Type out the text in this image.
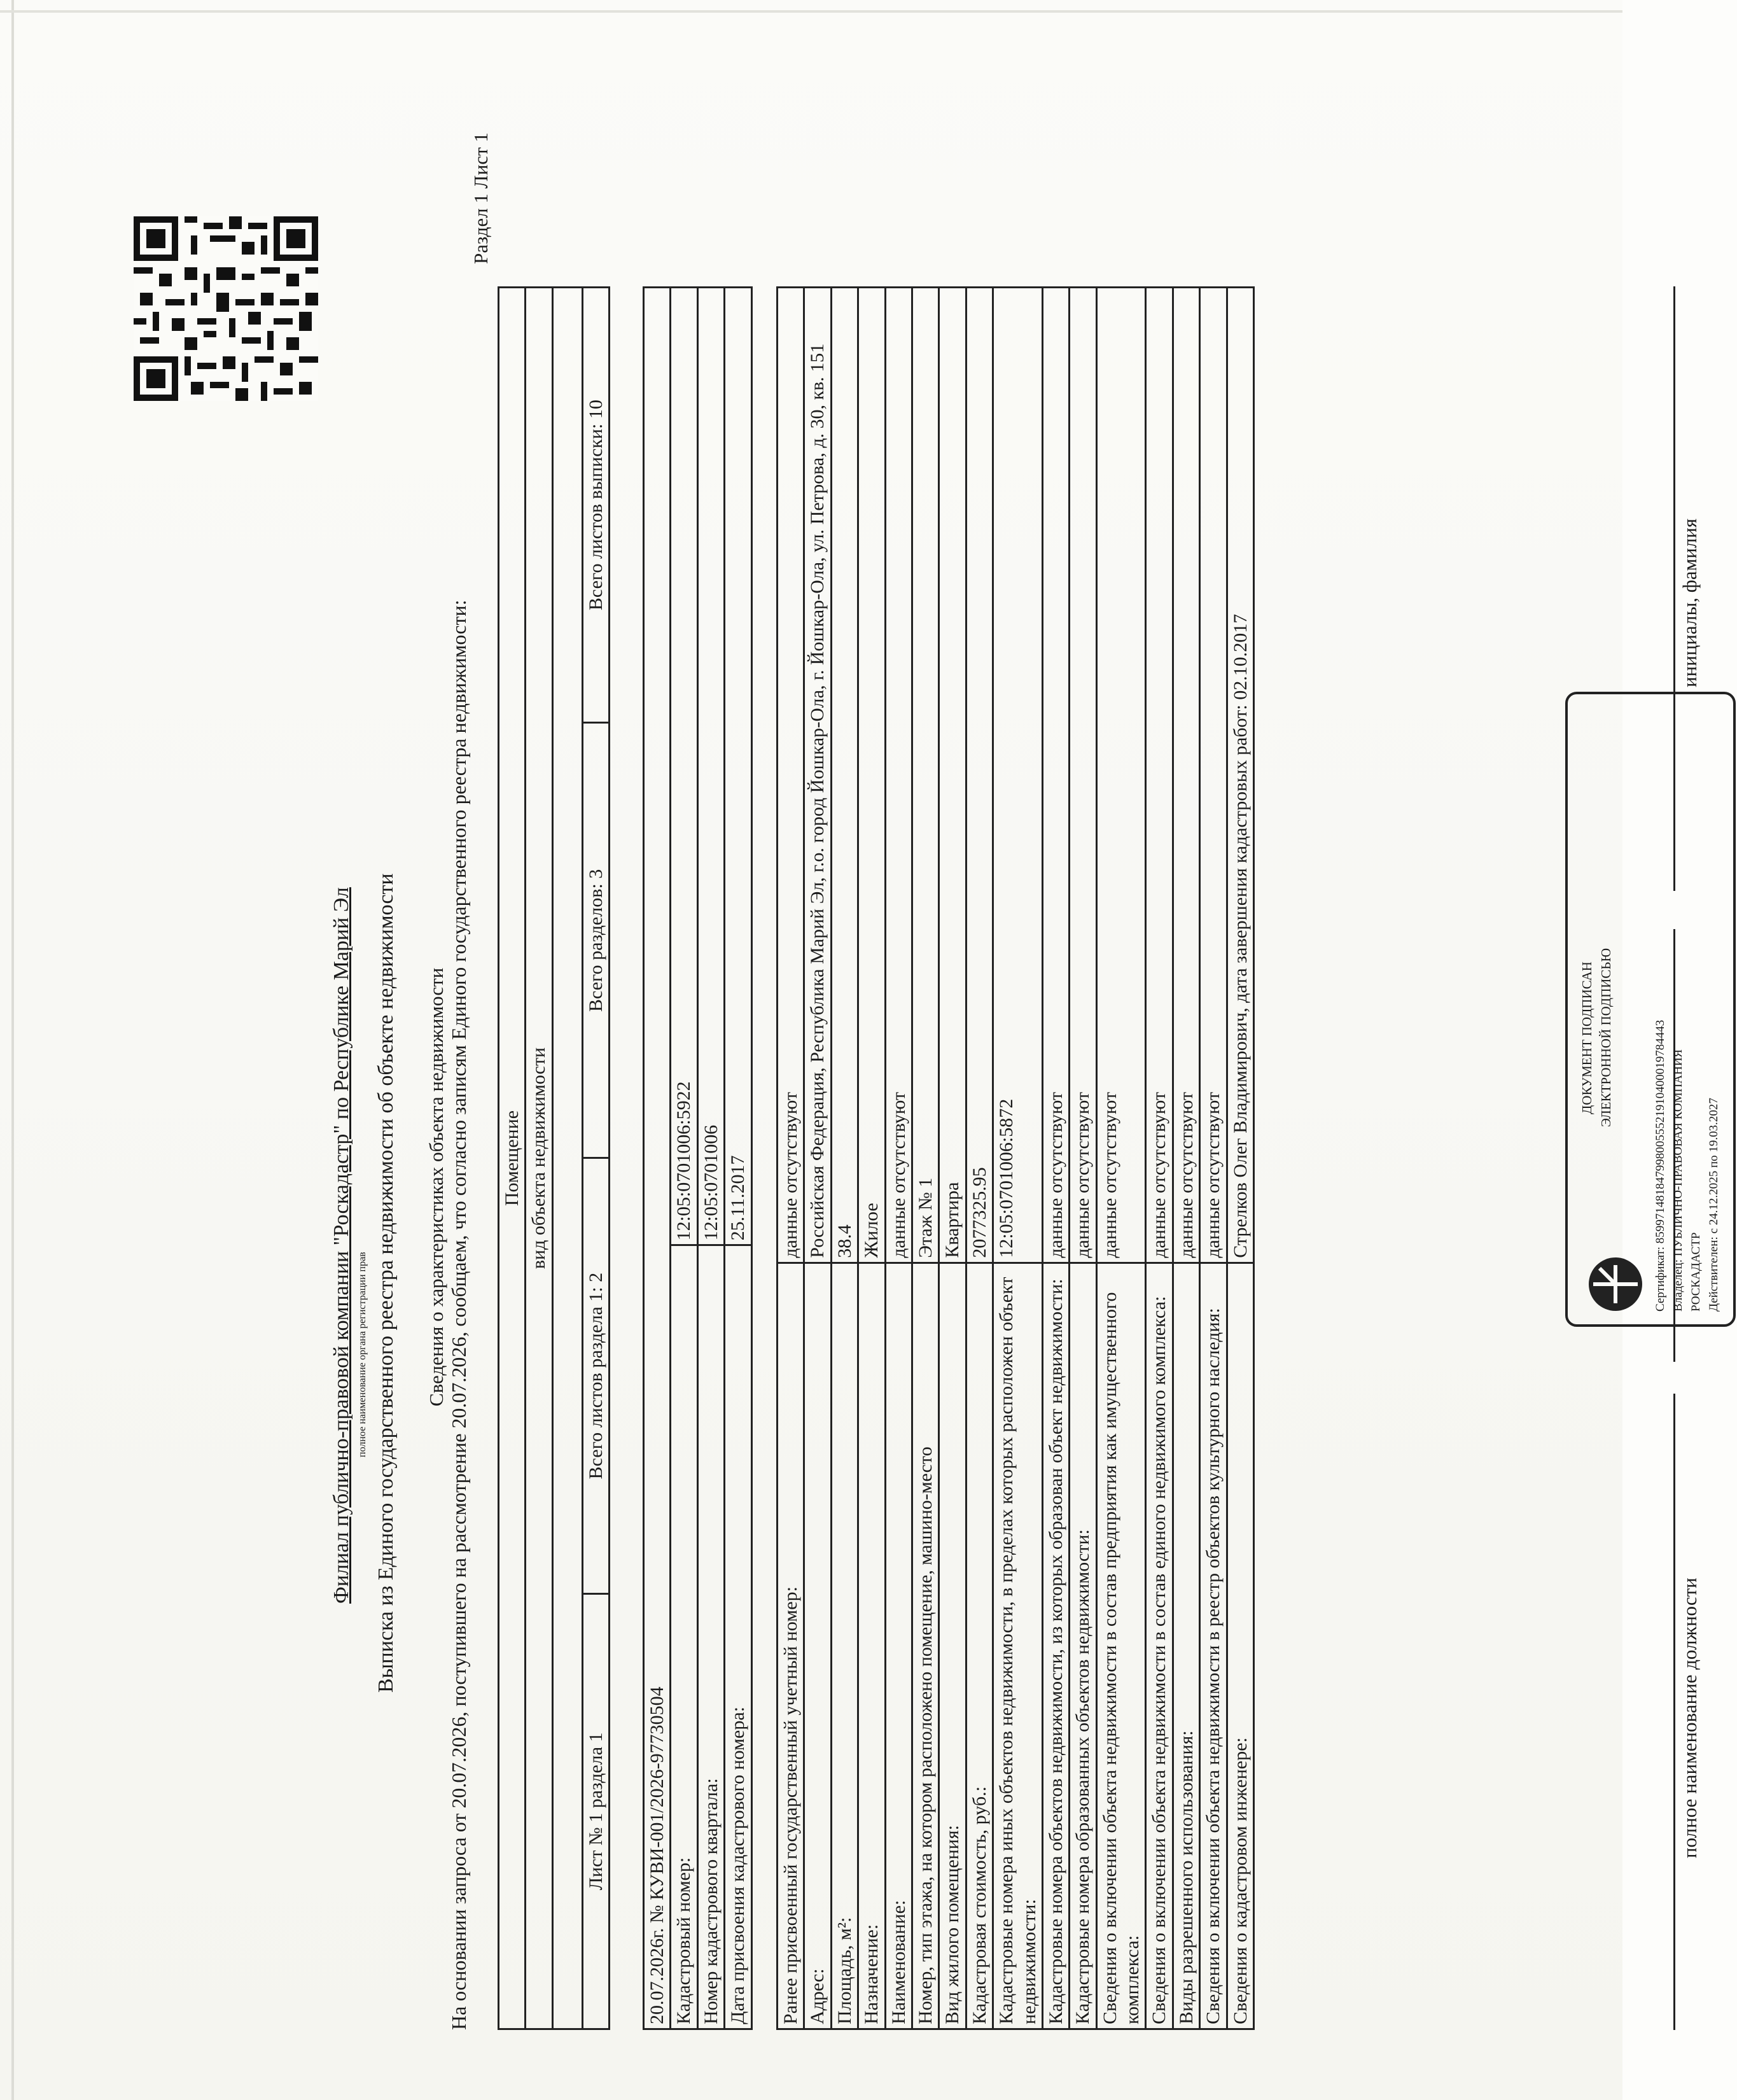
Филиал публично-правовой компании "Роскадастр" по Республике Марий Эл полное наименование органа регистрации прав Выписка из Единого государственного реестра недвижимости об объекте недвижимости Сведения о характеристиках объекта недвижимости На основании запроса от 20.07.2026, поступившего на рассмотрение 20.07.2026, сообщаем, что согласно записям Единого государственного реестра недвижимости:
Раздел 1 Лист 1
Помещение
вид объекта недвижимости

Лист № 1 раздела 1	Всего листов раздела 1: 2	Всего разделов: 3	Всего листов выписки: 10
20.07.2026г. № КУВИ-001/2026-97730504	
Кадастровый номер:	12:05:0701006:5922
Номер кадастрового квартала:	12:05:0701006
Дата присвоения кадастрового номера:	25.11.2017
Ранее присвоенный государственный учетный номер:	данные отсутствуют
Адрес:	Российская Федерация, Республика Марий Эл, г.о. город Йошкар-Ола, г. Йошкар-Ола, ул. Петрова, д. 30, кв. 151
Площадь, м²:	38.4
Назначение:	Жилое
Наименование:	данные отсутствуют
Номер, тип этажа, на котором расположено помещение, машино-место	Этаж № 1
Вид жилого помещения:	Квартира
Кадастровая стоимость, руб.:	2077325.95
Кадастровые номера иных объектов недвижимости, в пределах которых расположен объект недвижимости:	12:05:0701006:5872
Кадастровые номера объектов недвижимости, из которых образован объект недвижимости:	данные отсутствуют
Кадастровые номера образованных объектов недвижимости:	данные отсутствуют
Сведения о включении объекта недвижимости в состав предприятия как имущественного комплекса:	данные отсутствуют
Сведения о включении объекта недвижимости в состав единого недвижимого комплекса:	данные отсутствуют
Виды разрешенного использования:	данные отсутствуют
Сведения о включении объекта недвижимости в реестр объектов культурного наследия:	данные отсутствуют
Сведения о кадастровом инженере:	Стрелков Олег Владимирович, дата завершения кадастровых работ: 02.10.2017
полное наименование должности
инициалы, фамилия
ДОКУМЕНТ ПОДПИСАН ЭЛЕКТРОННОЙ ПОДПИСЬЮ	Сертификат: 8599714818479980055521910400019784443 Владелец: ПУБЛИЧНО-ПРАВОВАЯ КОМПАНИЯ РОСКАДАСТР Действителен: с 24.12.2025 по 19.03.2027
